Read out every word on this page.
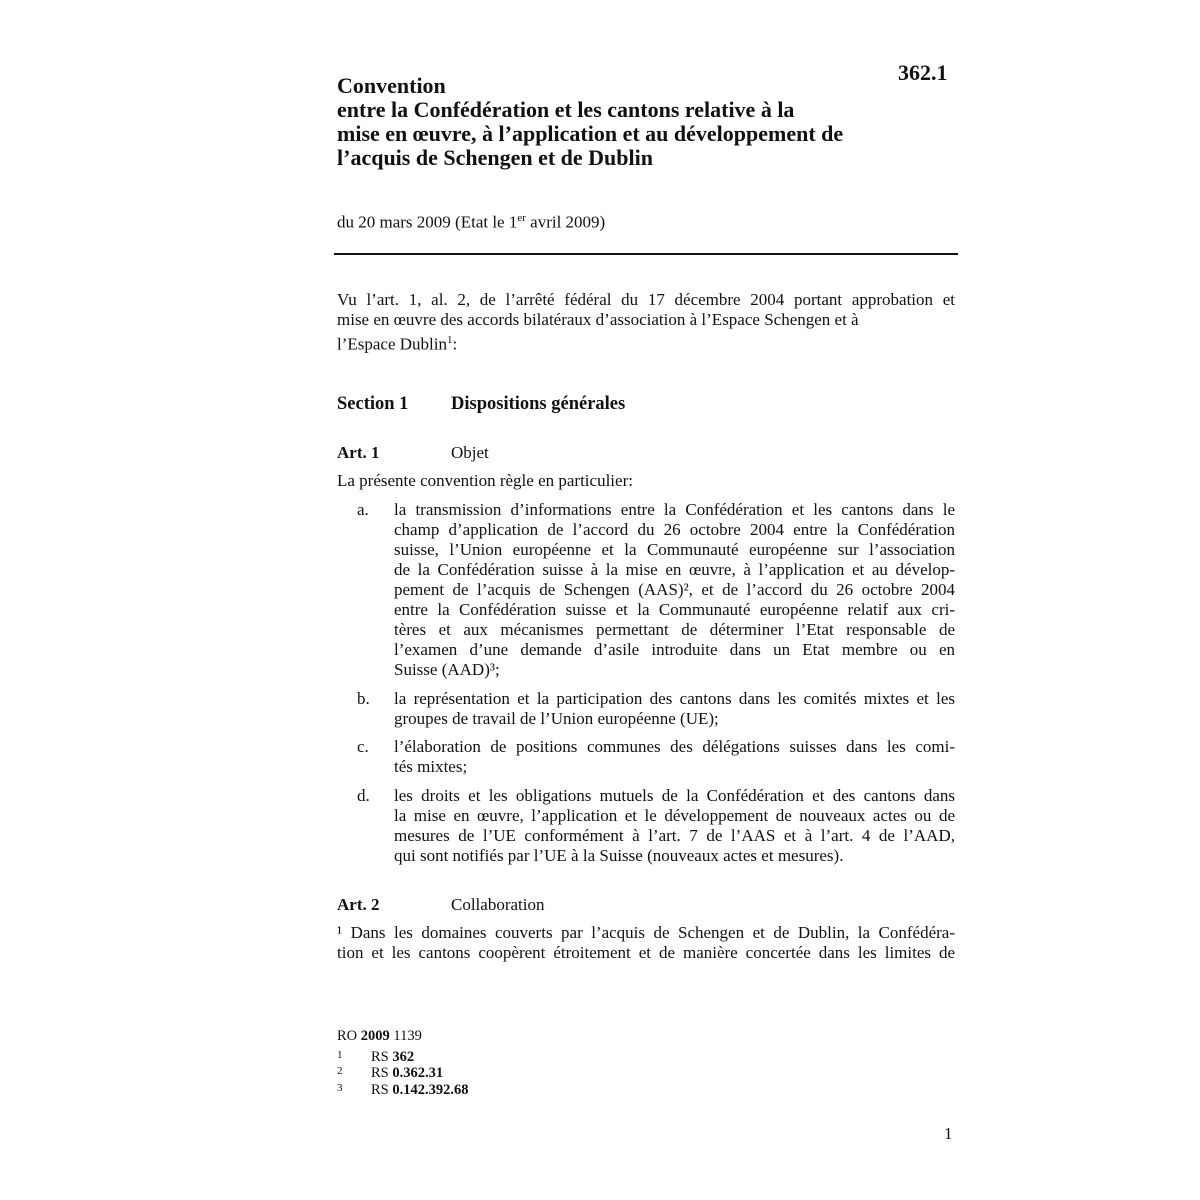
362.1
Convention
entre la Confédération et les cantons relative à la
mise en œuvre, à l’application et au développement de
l’acquis de Schengen et de Dublin
du 20 mars 2009 (Etat le 1er avril 2009)
Vu l’art. 1, al. 2, de l’arrêté fédéral du 17 décembre 2004 portant approbation et
mise en œuvre des accords bilatéraux d’association à l’Espace Schengen et à
l’Espace Dublin$^1$:
Section 1 Dispositions générales
Art. 1	Objet
La présente convention règle en particulier:
a. la transmission d’informations entre la Confédération et les cantons dans le
champ d’application de l’accord du 26 octobre 2004 entre la Confédération
suisse, l’Union européenne et la Communauté européenne sur l’association
de la Confédération suisse à la mise en œuvre, à l’application et au dévelop-
pement de l’acquis de Schengen (AAS)², et de l’accord du 26 octobre 2004
entre la Confédération suisse et la Communauté européenne relatif aux cri-
tères et aux mécanismes permettant de déterminer l’Etat responsable de
l’examen d’une demande d’asile introduite dans un Etat membre ou en
Suisse (AAD)³;
b. la représentation et la participation des cantons dans les comités mixtes et les
groupes de travail de l’Union européenne (UE);
c. l’élaboration de positions communes des délégations suisses dans les comi-
tés mixtes;
d. les droits et les obligations mutuels de la Confédération et des cantons dans
la mise en œuvre, l’application et le développement de nouveaux actes ou de
mesures de l’UE conformément à l’art. 7 de l’AAS et à l’art. 4 de l’AAD,
qui sont notifiés par l’UE à la Suisse (nouveaux actes et mesures).
Art. 2	Collaboration
¹ Dans les domaines couverts par l’acquis de Schengen et de Dublin, la Confédéra-
tion et les cantons coopèrent étroitement et de manière concertée dans les limites de
RO 2009 1139
1 RS 362
2 RS 0.362.31
3 RS 0.142.392.68
1
